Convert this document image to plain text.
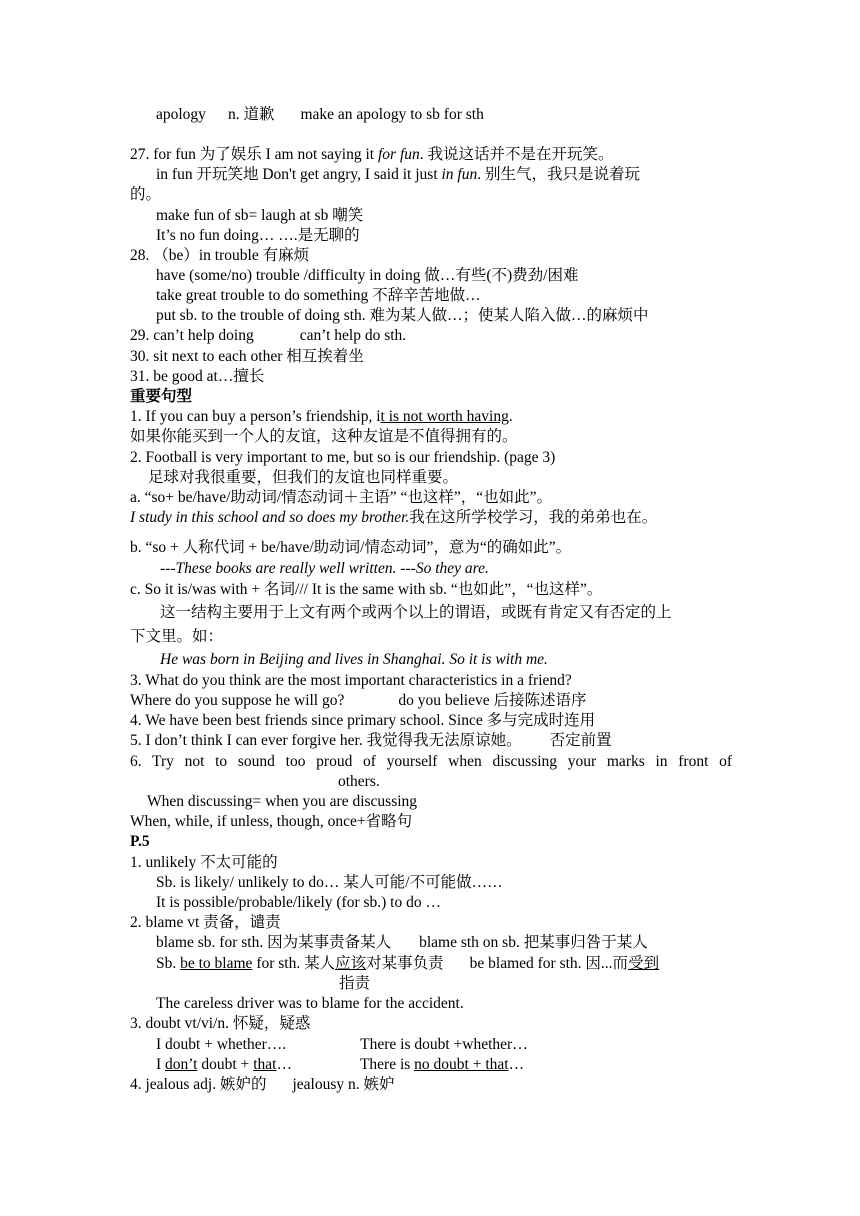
apology n. 道歉 make an apology to sb for sth
27. for fun 为了娱乐 I am not saying it for fun. 我说这话并不是在开玩笑。
in fun 开玩笑地 Don't get angry, I said it just in fun. 别生气，我只是说着玩
的。
make fun of sb= laugh at sb 嘲笑
It’s no fun doing… ….是无聊的
28. （be）in trouble 有麻烦
have (some/no) trouble /difficulty in doing 做…有些(不)费劲/困难
take great trouble to do something 不辞辛苦地做…
put sb. to the trouble of doing sth. 难为某人做…；使某人陷入做…的麻烦中
29. can’t help doing	can’t help do sth.
30. sit next to each other 相互挨着坐
31. be good at…擅长
重要句型
1. If you can buy a person’s friendship, it is not worth having.
如果你能买到一个人的友谊，这种友谊是不值得拥有的。
2. Football is very important to me, but so is our friendship. (page 3)
足球对我很重要，但我们的友谊也同样重要。
a. “so+ be/have/助动词/情态动词＋主语” “也这样”，“也如此”。
I study in this school and so does my brother.我在这所学校学习，我的弟弟也在。
b. “so + 人称代词 + be/have/助动词/情态动词”，意为“的确如此”。
---These books are really well written. ---So they are.
c. So it is/was with + 名词/// It is the same with sb. “也如此”，“也这样”。
这一结构主要用于上文有两个或两个以上的谓语，或既有肯定又有否定的上
下文里。如：
He was born in Beijing and lives in Shanghai. So it is with me.
3. What do you think are the most important characteristics in a friend?
Where do you suppose he will go?	do you believe 后接陈述语序
4. We have been best friends since primary school. Since 多与完成时连用
5. I don’t think I can ever forgive her. 我觉得我无法原谅她。 否定前置
6. Try not to sound too proud of yourself when discussing your marks in front of
others.
When discussing= when you are discussing
When, while, if unless, though, once+省略句
P.5
1. unlikely 不太可能的
Sb. is likely/ unlikely to do… 某人可能/不可能做……
It is possible/probable/likely (for sb.) to do …
2. blame vt 责备，谴责
blame sb. for sth. 因为某事责备某人 blame sth on sb. 把某事归咎于某人
Sb. be to blame for sth. 某人应该对某事负责 be blamed for sth. 因...而受到
指责
The careless driver was to blame for the accident.
3. doubt vt/vi/n. 怀疑，疑惑
I doubt + whether….	There is doubt +whether…
I don’t doubt + that…	There is no doubt + that…
4. jealous adj. 嫉妒的 jealousy n. 嫉妒
